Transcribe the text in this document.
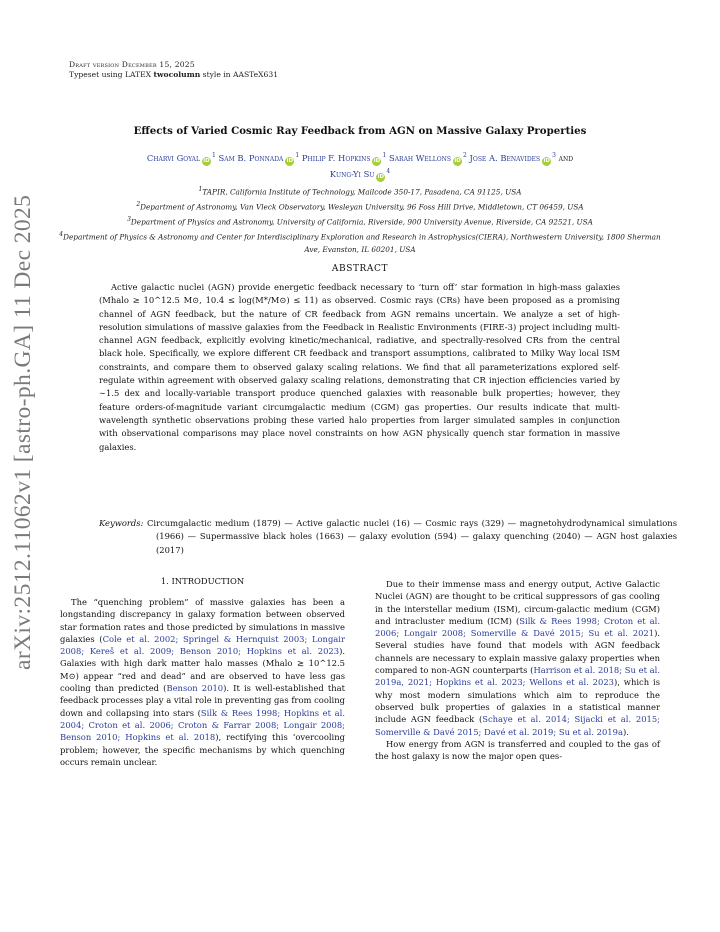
Draft version December 15, 2025
Typeset using LATEX twocolumn style in AASTeX631
arXiv:2512.11062v1 [astro-ph.GA] 11 Dec 2025
Effects of Varied Cosmic Ray Feedback from AGN on Massive Galaxy Properties
Charvi Goyal $iD^1$ Sam B. Ponnada $iD^1$ Philip F. Hopkins $iD^1$ Sarah Wellons $iD^2$ Jose A. Benavides $iD^3$ and
Kung-Yi Su $iD^4$
$^1$TAPIR, California Institute of Technology, Mailcode 350-17, Pasadena, CA 91125, USA
$^2$Department of Astronomy, Van Vleck Observatory, Wesleyan University, 96 Foss Hill Drive, Middletown, CT 06459, USA
$^3$Department of Physics and Astronomy, University of California, Riverside, 900 University Avenue, Riverside, CA 92521, USA
$^4$Department of Physics & Astronomy and Center for Interdisciplinary Exploration and Research in Astrophysics(CIERA), Northwestern University, 1800 Sherman Ave, Evanston, IL 60201, USA
ABSTRACT
Active galactic nuclei (AGN) provide energetic feedback necessary to ‘turn off’ star formation in high-mass galaxies (Mhalo ≥ 10^12.5 M⊙, 10.4 ≤ log(M*/M⊙) ≤ 11) as observed. Cosmic rays (CRs) have been proposed as a promising channel of AGN feedback, but the nature of CR feedback from AGN remains uncertain. We analyze a set of high-resolution simulations of massive galaxies from the Feedback in Realistic Environments (FIRE-3) project including multi-channel AGN feedback, explicitly evolving kinetic/mechanical, radiative, and spectrally-resolved CRs from the central black hole. Specifically, we explore different CR feedback and transport assumptions, calibrated to Milky Way local ISM constraints, and compare them to observed galaxy scaling relations. We find that all parameterizations explored self-regulate within agreement with observed galaxy scaling relations, demonstrating that CR injection efficiencies varied by ∼1.5 dex and locally-variable transport produce quenched galaxies with reasonable bulk properties; however, they feature orders-of-magnitude variant circumgalactic medium (CGM) gas properties. Our results indicate that multi-wavelength synthetic observations probing these varied halo properties from larger simulated samples in conjunction with observational comparisons may place novel constraints on how AGN physically quench star formation in massive galaxies.
Keywords: Circumgalactic medium (1879) — Active galactic nuclei (16) — Cosmic rays (329) — magnetohydrodynamical simulations (1966) — Supermassive black holes (1663) — galaxy evolution (594) — galaxy quenching (2040) — AGN host galaxies (2017)
1. INTRODUCTION

The “quenching problem” of massive galaxies has been a longstanding discrepancy in galaxy formation between observed star formation rates and those predicted by simulations in massive galaxies (Cole et al. 2002; Springel & Hernquist 2003; Longair 2008; Kereš et al. 2009; Benson 2010; Hopkins et al. 2023). Galaxies with high dark matter halo masses (Mhalo ≳ 10^12.5 M⊙) appear “red and dead” and are observed to have less gas cooling than predicted (Benson 2010). It is well-established that feedback processes play a vital role in preventing gas from cooling down and collapsing into stars (Silk & Rees 1998; Hopkins et al. 2004; Croton et al. 2006; Croton & Farrar 2008; Longair 2008; Benson 2010; Hopkins et al. 2018), rectifying this ‘overcooling problem; however, the specific mechanisms by which quenching occurs remain unclear.

Due to their immense mass and energy output, Active Galactic Nuclei (AGN) are thought to be critical suppressors of gas cooling in the interstellar medium (ISM), circum-galactic medium (CGM) and intracluster medium (ICM) (Silk & Rees 1998; Croton et al. 2006; Longair 2008; Somerville & Davé 2015; Su et al. 2021). Several studies have found that models with AGN feedback channels are necessary to explain massive galaxy properties when compared to non-AGN counterparts (Harrison et al. 2018; Su et al. 2019a, 2021; Hopkins et al. 2023; Wellons et al. 2023), which is why most modern simulations which aim to reproduce the observed bulk properties of galaxies in a statistical manner include AGN feedback (Schaye et al. 2014; Sijacki et al. 2015; Somerville & Davé 2015; Davé et al. 2019; Su et al. 2019a).

How energy from AGN is transferred and coupled to the gas of the host galaxy is now the major open ques-
